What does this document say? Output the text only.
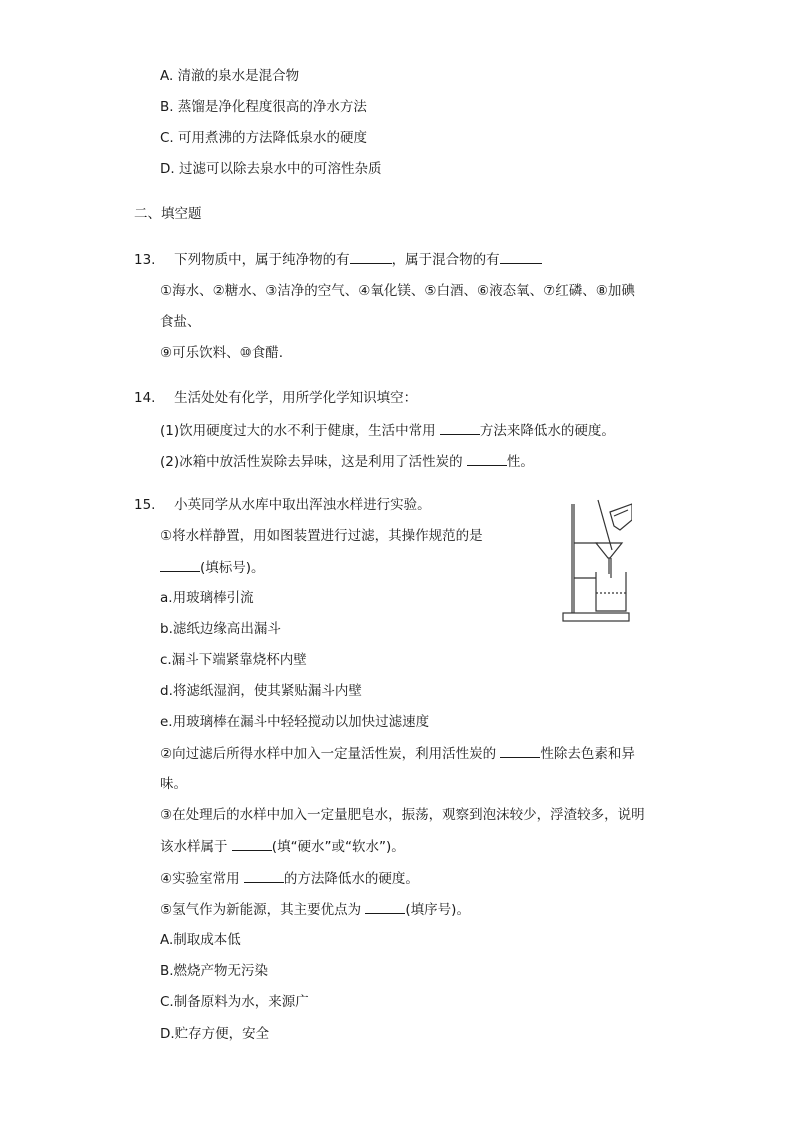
A. 清澈的泉水是混合物
B. 蒸馏是净化程度很高的净水方法
C. 可用煮沸的方法降低泉水的硬度
D. 过滤可以除去泉水中的可溶性杂质
二、填空题
13. 下列物质中，属于纯净物的有	，属于混合物的有
①海水、②糖水、③洁净的空气、④氧化镁、⑤白酒、⑥液态氧、⑦红磷、⑧加碘
食盐、
⑨可乐饮料、⑩食醋.
14. 生活处处有化学，用所学化学知识填空：
(1)饮用硬度过大的水不利于健康，生活中常用	方法来降低水的硬度。
(2)冰箱中放活性炭除去异味，这是利用了活性炭的	性。
15. 小英同学从水库中取出浑浊水样进行实验。
①将水样静置，用如图装置进行过滤，其操作规范的是
(填标号)。
a.用玻璃棒引流
b.滤纸边缘高出漏斗
c.漏斗下端紧靠烧杯内壁
d.将滤纸湿润，使其紧贴漏斗内壁
e.用玻璃棒在漏斗中轻轻搅动以加快过滤速度
②向过滤后所得水样中加入一定量活性炭，利用活性炭的	性除去色素和异
味。
③在处理后的水样中加入一定量肥皂水，振荡，观察到泡沫较少，浮渣较多，说明
该水样属于	(填“硬水”或“软水”)。
④实验室常用	的方法降低水的硬度。
⑤氢气作为新能源，其主要优点为	(填序号)。
A.制取成本低
B.燃烧产物无污染
C.制备原料为水，来源广
D.贮存方便，安全
